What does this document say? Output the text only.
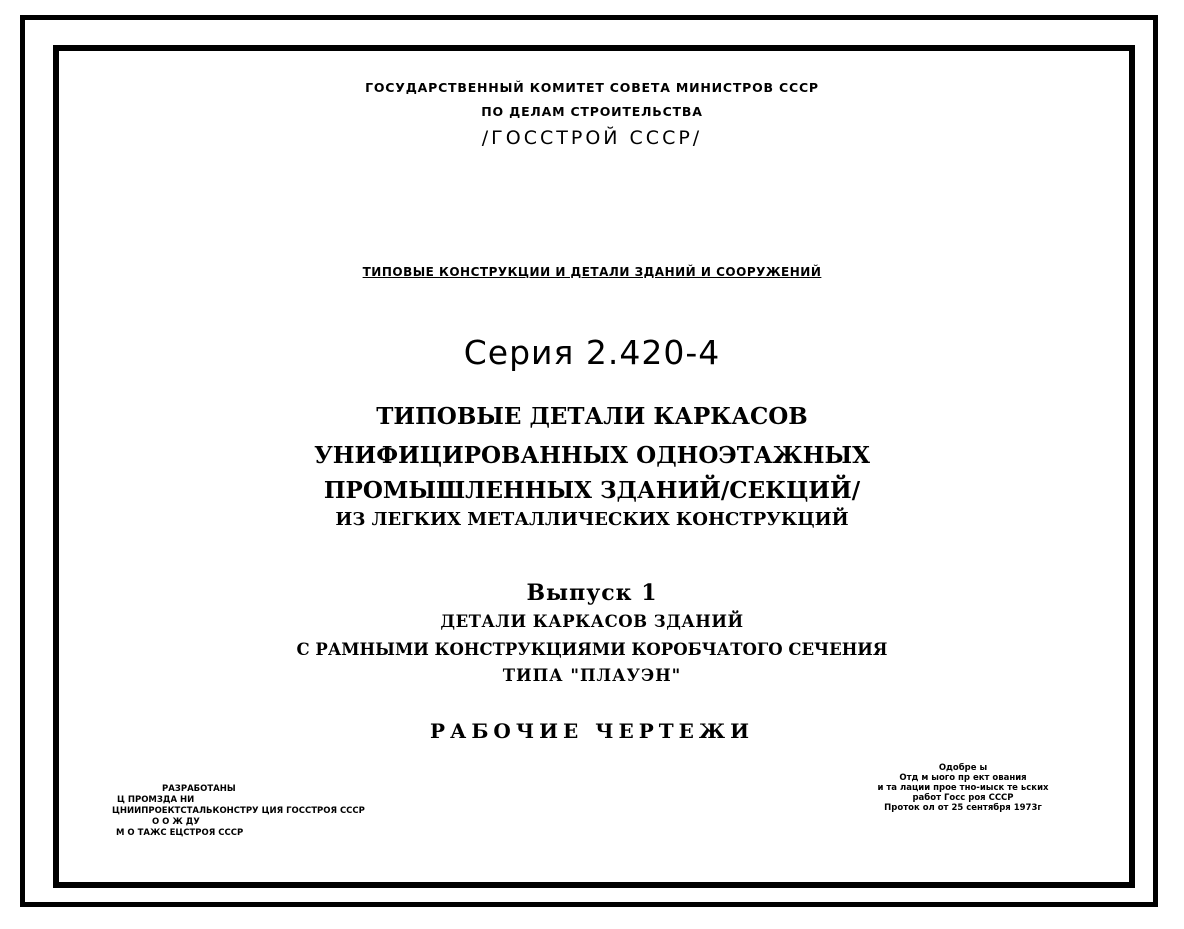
ГОСУДАРСТВЕННЫЙ КОМИТЕТ СОВЕТА МИНИСТРОВ СССР
ПО ДЕЛАМ СТРОИТЕЛЬСТВА
/ГОССТРОЙ СССР/
ТИПОВЫЕ КОНСТРУКЦИИ И ДЕТАЛИ ЗДАНИЙ И СООРУЖЕНИЙ
Серия 2.420-4
ТИПОВЫЕ ДЕТАЛИ КАРКАСОВ
УНИФИЦИРОВАННЫХ ОДНОЭТАЖНЫХ
ПРОМЫШЛЕННЫХ ЗДАНИЙ/СЕКЦИЙ/
ИЗ ЛЕГКИХ МЕТАЛЛИЧЕСКИХ КОНСТРУКЦИЙ
Выпуск 1
ДЕТАЛИ КАРКАСОВ ЗДАНИЙ
С РАМНЫМИ КОНСТРУКЦИЯМИ КОРОБЧАТОГО СЕЧЕНИЯ
ТИПА "ПЛАУЭН"
РАБОЧИЕ ЧЕРТЕЖИ
РАЗРАБОТАНЫ
Ц ПРОМЗДА НИ
ЦНИИПРОЕКТСТАЛЬКОНСТРУ ЦИЯ ГОССТРОЯ СССР
О О Ж ДУ
М О ТАЖС ЕЦСТРОЯ СССР
Одобре ы
Отд м ыого пр ект ования
и та лации прое тно-иыск те ьскиx
работ Госс роя СССР
Проток ол от 25 сентября 1973г
